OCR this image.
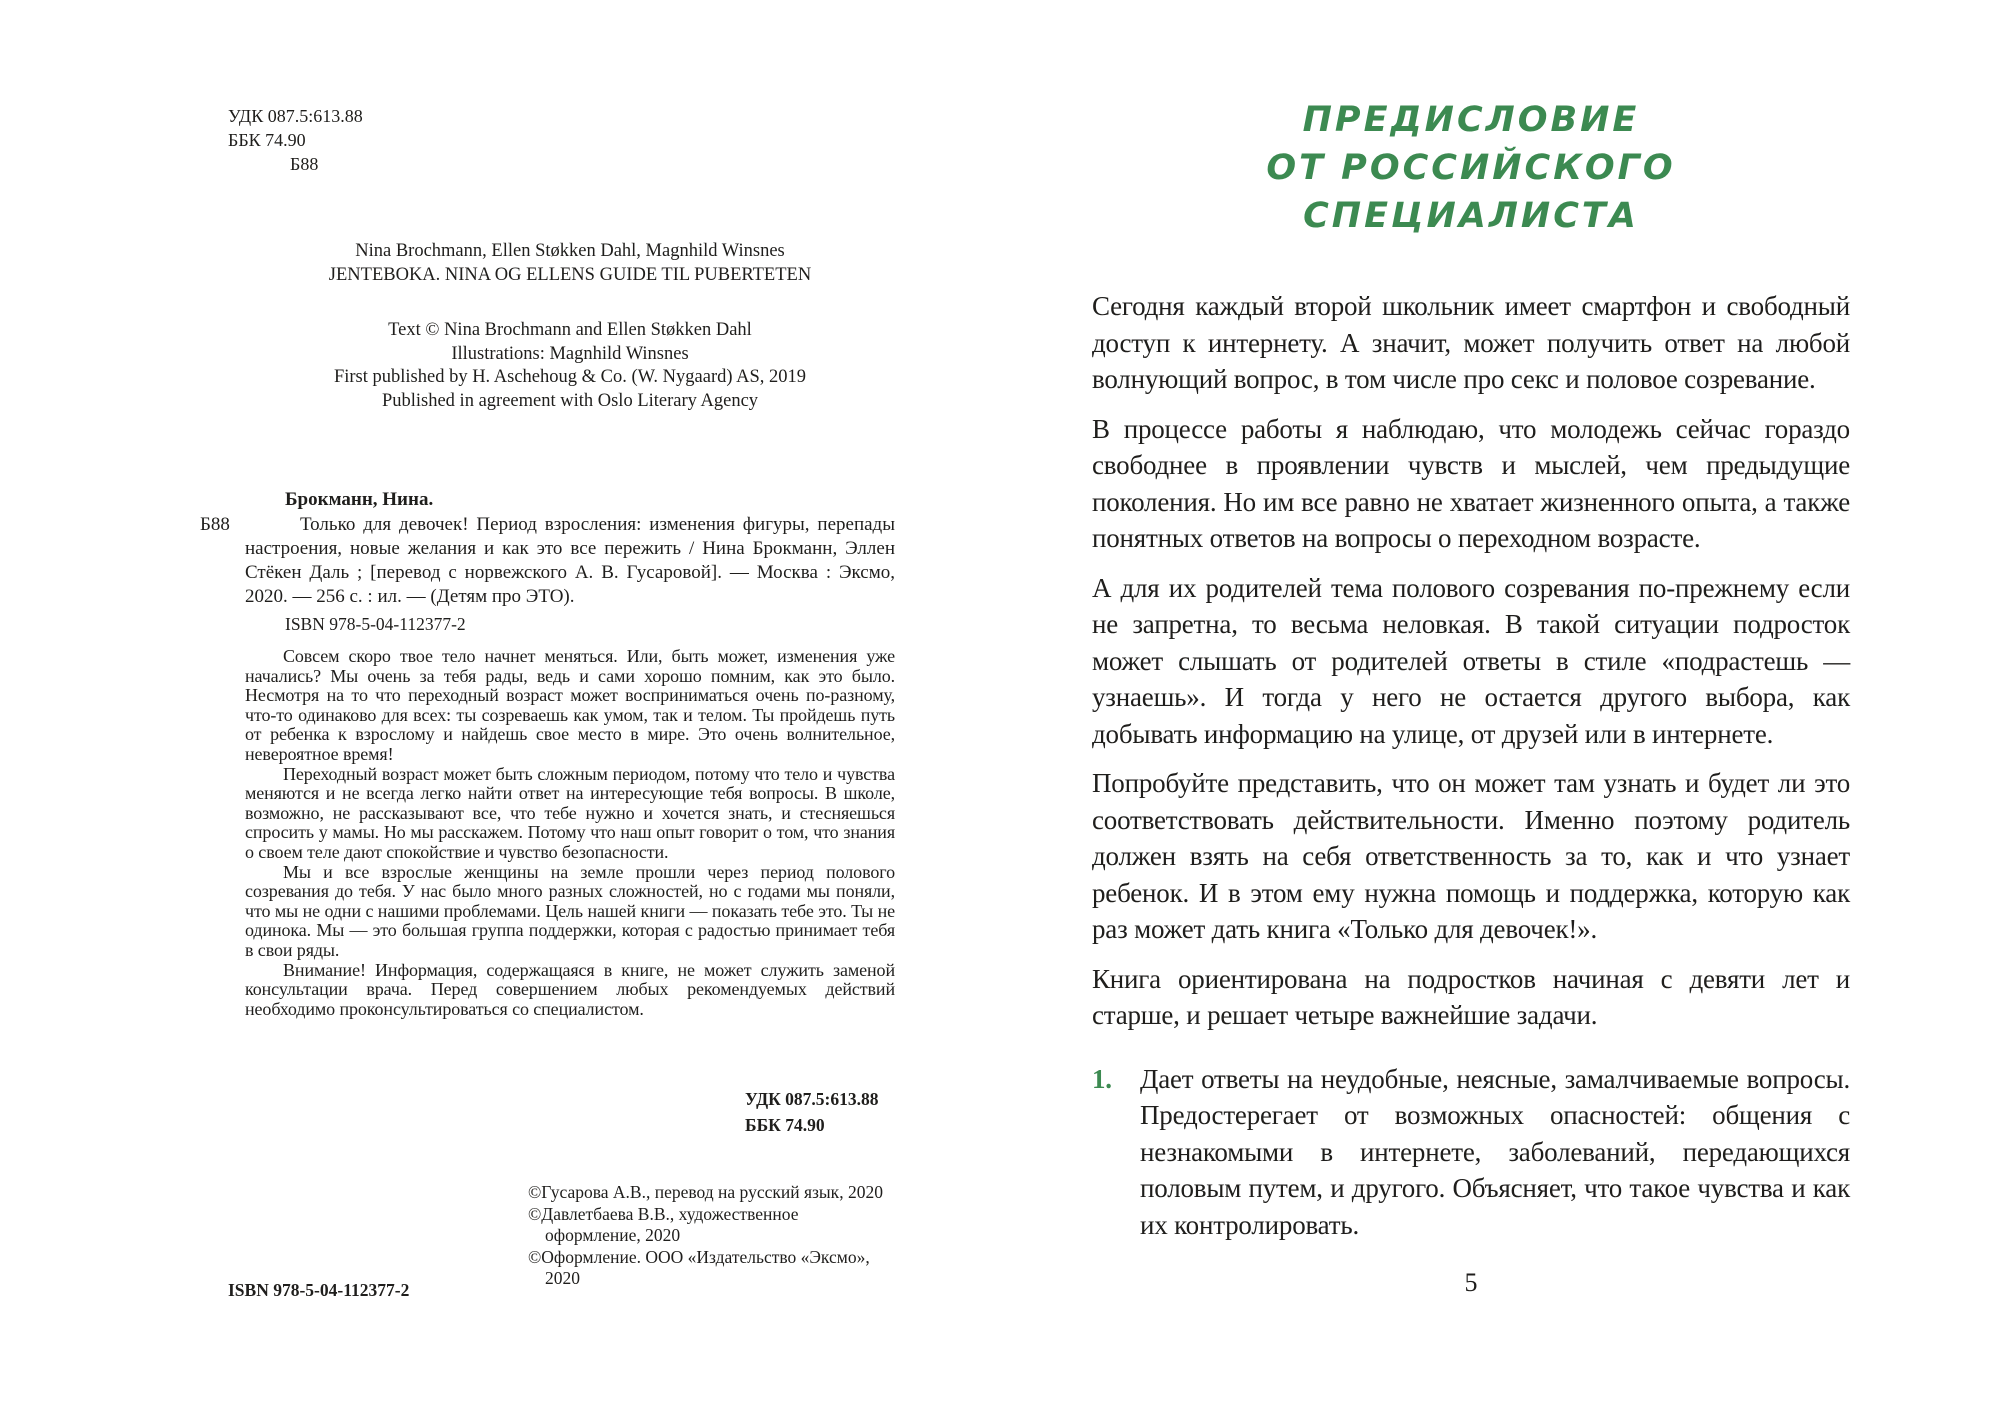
УДК 087.5:613.88
ББК 74.90
Б88
Nina Brochmann, Ellen Støkken Dahl, Magnhild Winsnes
JENTEBOKA. NINA OG ELLENS GUIDE TIL PUBERTETEN
Text © Nina Brochmann and Ellen Støkken Dahl
Illustrations: Magnhild Winsnes
First published by H. Aschehoug & Co. (W. Nygaard) AS, 2019
Published in agreement with Oslo Literary Agency
Брокманн, Нина.

Б88	Только для девочек! Период взросления: изменения фигуры, перепады настроения, новые желания и как это все пережить / Нина Брокманн, Эллен Стёкен Даль ; [перевод с норвежского А. В. Гусаровой]. — Москва : Эксмо, 2020. — 256 с. : ил. — (Детям про ЭТО).

ISBN 978-5-04-112377-2

Совсем скоро твое тело начнет меняться. Или, быть может, изменения уже начались? Мы очень за тебя рады, ведь и сами хорошо помним, как это было. Несмотря на то что переходный возраст может восприниматься очень по-разному, что-то одинаково для всех: ты созреваешь как умом, так и телом. Ты пройдешь путь от ребенка к взрослому и найдешь свое место в мире. Это очень волнительное, невероятное время!

Переходный возраст может быть сложным периодом, потому что тело и чувства меняются и не всегда легко найти ответ на интересующие тебя вопросы. В школе, возможно, не рассказывают все, что тебе нужно и хочется знать, и стесняешься спросить у мамы. Но мы расскажем. Потому что наш опыт говорит о том, что знания о своем теле дают спокойствие и чувство безопасности.

Мы и все взрослые женщины на земле прошли через период полового созревания до тебя. У нас было много разных сложностей, но с годами мы поняли, что мы не одни с нашими проблемами. Цель нашей книги — показать тебе это. Ты не одинока. Мы — это большая группа поддержки, которая с радостью принимает тебя в свои ряды.

Внимание! Информация, содержащаяся в книге, не может служить заменой консультации врача. Перед совершением любых рекомендуемых действий необходимо проконсультироваться со специалистом.

УДК 087.5:613.88
ББК 74.90

©Гусарова А.В., перевод на русский язык, 2020

©Давлетбаева В.В., художественное оформление, 2020

©Оформление. ООО «Издательство «Эксмо», 2020

ISBN 978-5-04-112377-2
ПРЕДИСЛОВИЕ
ОТ РОССИЙСКОГО СПЕЦИАЛИСТА

Сегодня каждый второй школьник имеет смартфон и свободный доступ к интернету. А значит, может получить ответ на любой волнующий вопрос, в том числе про секс и половое созревание.

В процессе работы я наблюдаю, что молодежь сейчас гораздо свободнее в проявлении чувств и мыслей, чем предыдущие поколения. Но им все равно не хватает жизненного опыта, а также понятных ответов на вопросы о переходном возрасте.

А для их родителей тема полового созревания по-прежнему если не запретна, то весьма неловкая. В такой ситуации подросток может слышать от родителей ответы в стиле «подрастешь — узнаешь». И тогда у него не остается другого выбора, как добывать информацию на улице, от друзей или в интернете.

Попробуйте представить, что он может там узнать и будет ли это соответствовать действительности. Именно поэтому родитель должен взять на себя ответственность за то, как и что узнает ребенок. И в этом ему нужна помощь и поддержка, которую как раз может дать книга «Только для девочек!».

Книга ориентирована на подростков начиная с девяти лет и старше, и решает четыре важнейшие задачи.

1.	Дает ответы на неудобные, неясные, замалчиваемые вопросы. Предостерегает от возможных опасностей: общения с незнакомыми в интернете, заболеваний, передающихся половым путем, и другого. Объясняет, что такое чувства и как их контролировать.

5
